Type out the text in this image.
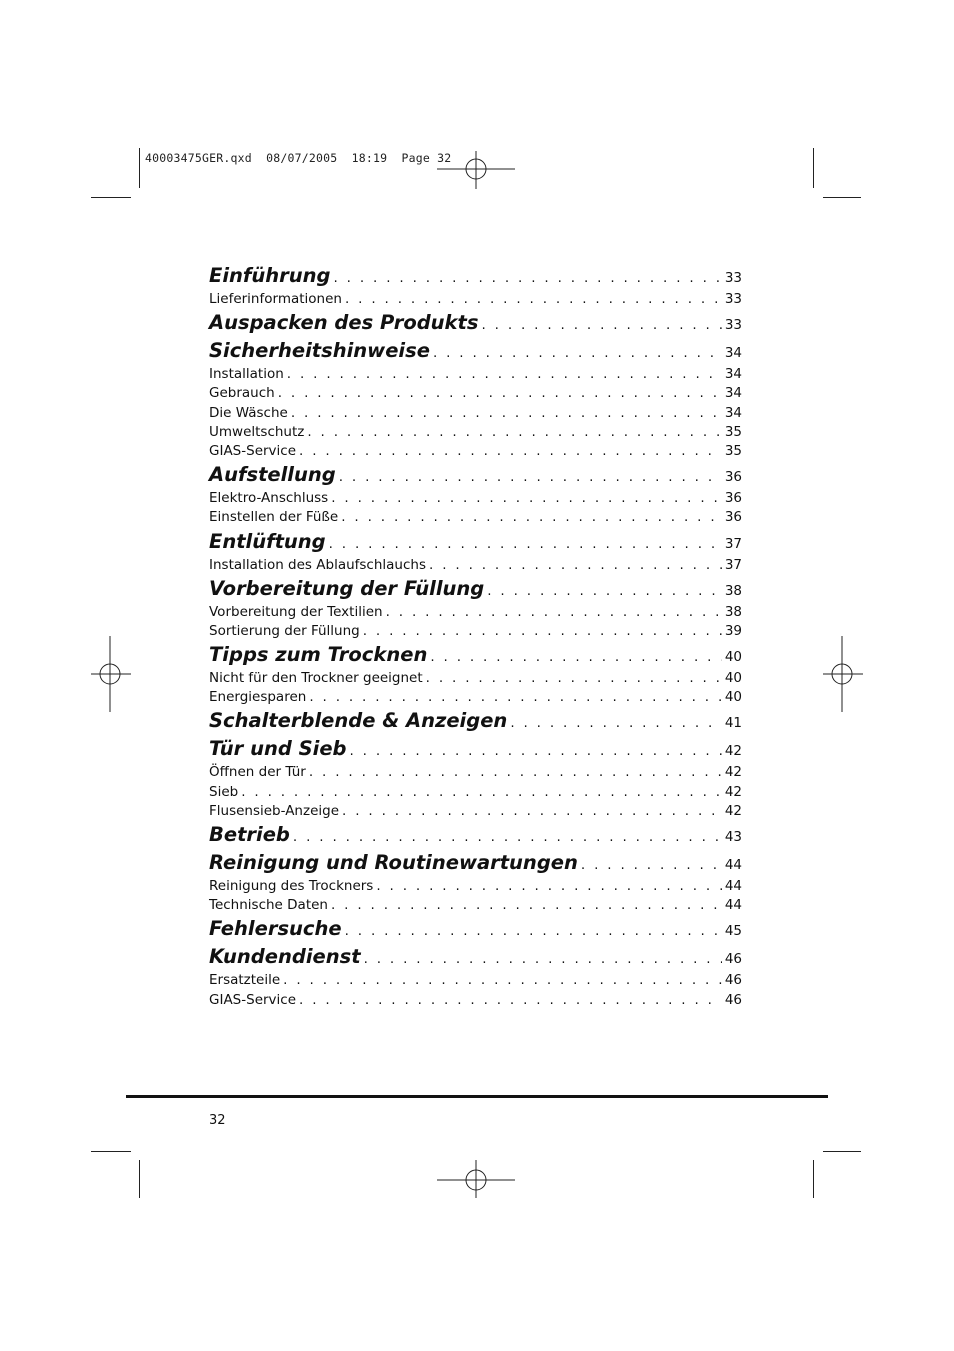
40003475GER.qxd  08/07/2005  18:19  Page 32
Einführung . . .	33
Lieferinformationen . . .	33
Auspacken des Produkts . . .	33
Sicherheitshinweise . . .	34
Installation . . .	34
Gebrauch . . .	34
Die Wäsche . . .	34
Umweltschutz . . .	35
GIAS-Service . . .	35
Aufstellung . . .	36
Elektro-Anschluss . . .	36
Einstellen der Füße . . .	36
Entlüftung . . .	37
Installation des Ablaufschlauchs . . .	37
Vorbereitung der Füllung . . .	38
Vorbereitung der Textilien . . .	38
Sortierung der Füllung . . .	39
Tipps zum Trocknen . . .	40
Nicht für den Trockner geeignet . . .	40
Energiesparen . . .	40
Schalterblende & Anzeigen . . .	41
Tür und Sieb . . .	42
Öffnen der Tür . . .	42
Sieb . . .	42
Flusensieb-Anzeige . . .	42
Betrieb . . .	43
Reinigung und Routinewartungen . . .	44
Reinigung des Trockners . . .	44
Technische Daten . . .	44
Fehlersuche . . .	45
Kundendienst . . .	46
Ersatzteile . . .	46
GIAS-Service . . .	46
32
